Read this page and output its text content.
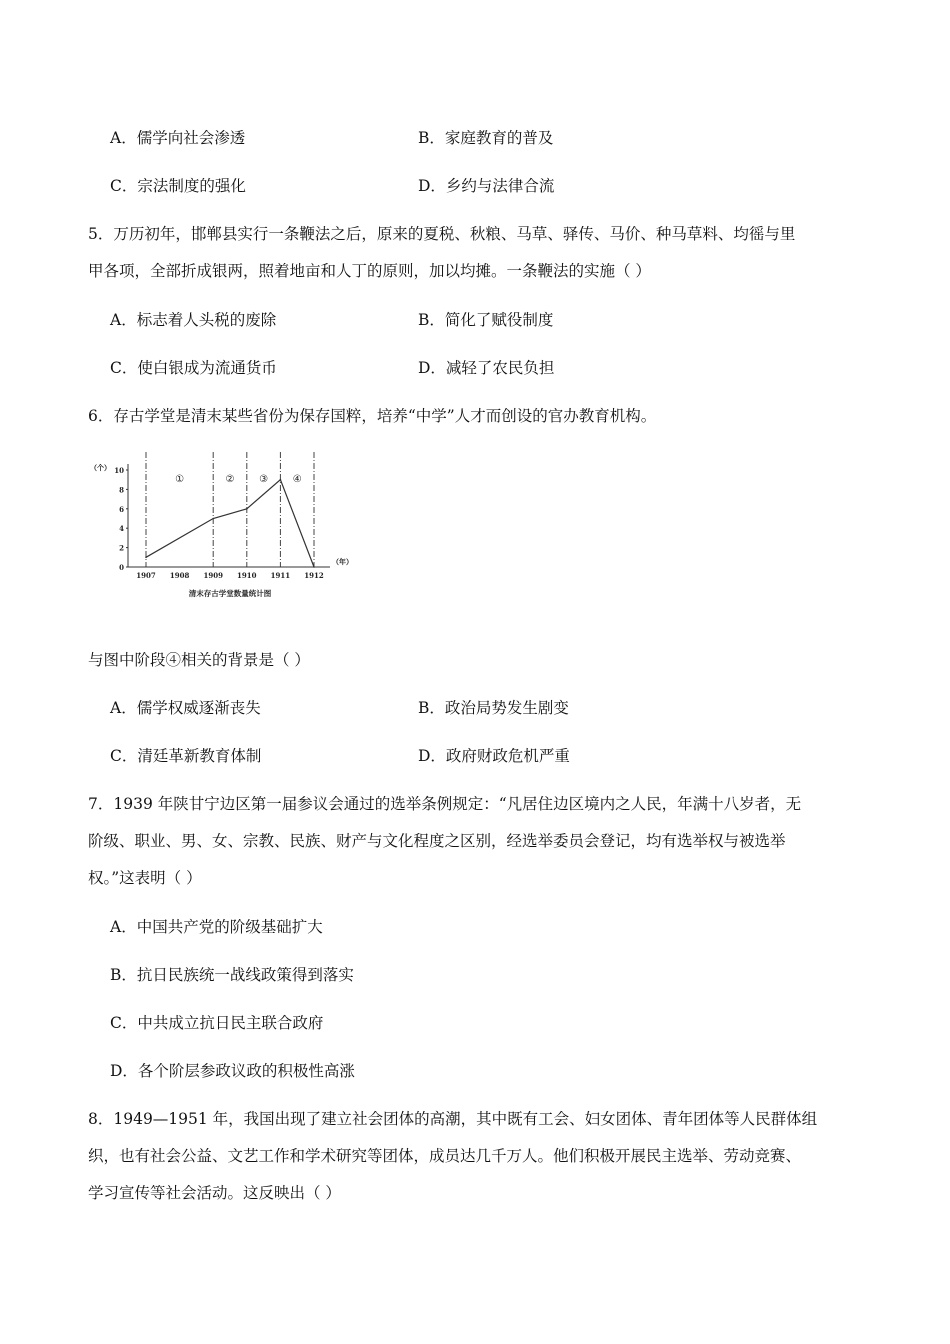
A．儒学向社会渗透	B．家庭教育的普及
C．宗法制度的强化	D．乡约与法律合流
5．万历初年，邯郸县实行一条鞭法之后，原来的夏税、秋粮、马草、驿传、马价、种马草料、均徭与里
甲各项，全部折成银两，照着地亩和人丁的原则，加以均摊。一条鞭法的实施（ ）
A．标志着人头税的废除	B．简化了赋役制度
C．使白银成为流通货币	D．减轻了农民负担
6．存古学堂是清末某些省份为保存国粹，培养“中学”人才而创设的官办教育机构。
0
2
4
6
8
10
1907 1908 1909 1910 1911 1912
①	② ③ ④
（个）
（年）
清末存古学堂数量统计图
与图中阶段④相关的背景是（ ）
A．儒学权威逐渐丧失	B．政治局势发生剧变
C．清廷革新教育体制	D．政府财政危机严重
7．1939 年陕甘宁边区第一届参议会通过的选举条例规定：“凡居住边区境内之人民，年满十八岁者，无
阶级、职业、男、女、宗教、民族、财产与文化程度之区别，经选举委员会登记，均有选举权与被选举
权。”这表明（ ）
A．中国共产党的阶级基础扩大
B．抗日民族统一战线政策得到落实
C．中共成立抗日民主联合政府
D．各个阶层参政议政的积极性高涨
8．1949—1951 年，我国出现了建立社会团体的高潮，其中既有工会、妇女团体、青年团体等人民群体组
织，也有社会公益、文艺工作和学术研究等团体，成员达几千万人。他们积极开展民主选举、劳动竞赛、
学习宣传等社会活动。这反映出（ ）
